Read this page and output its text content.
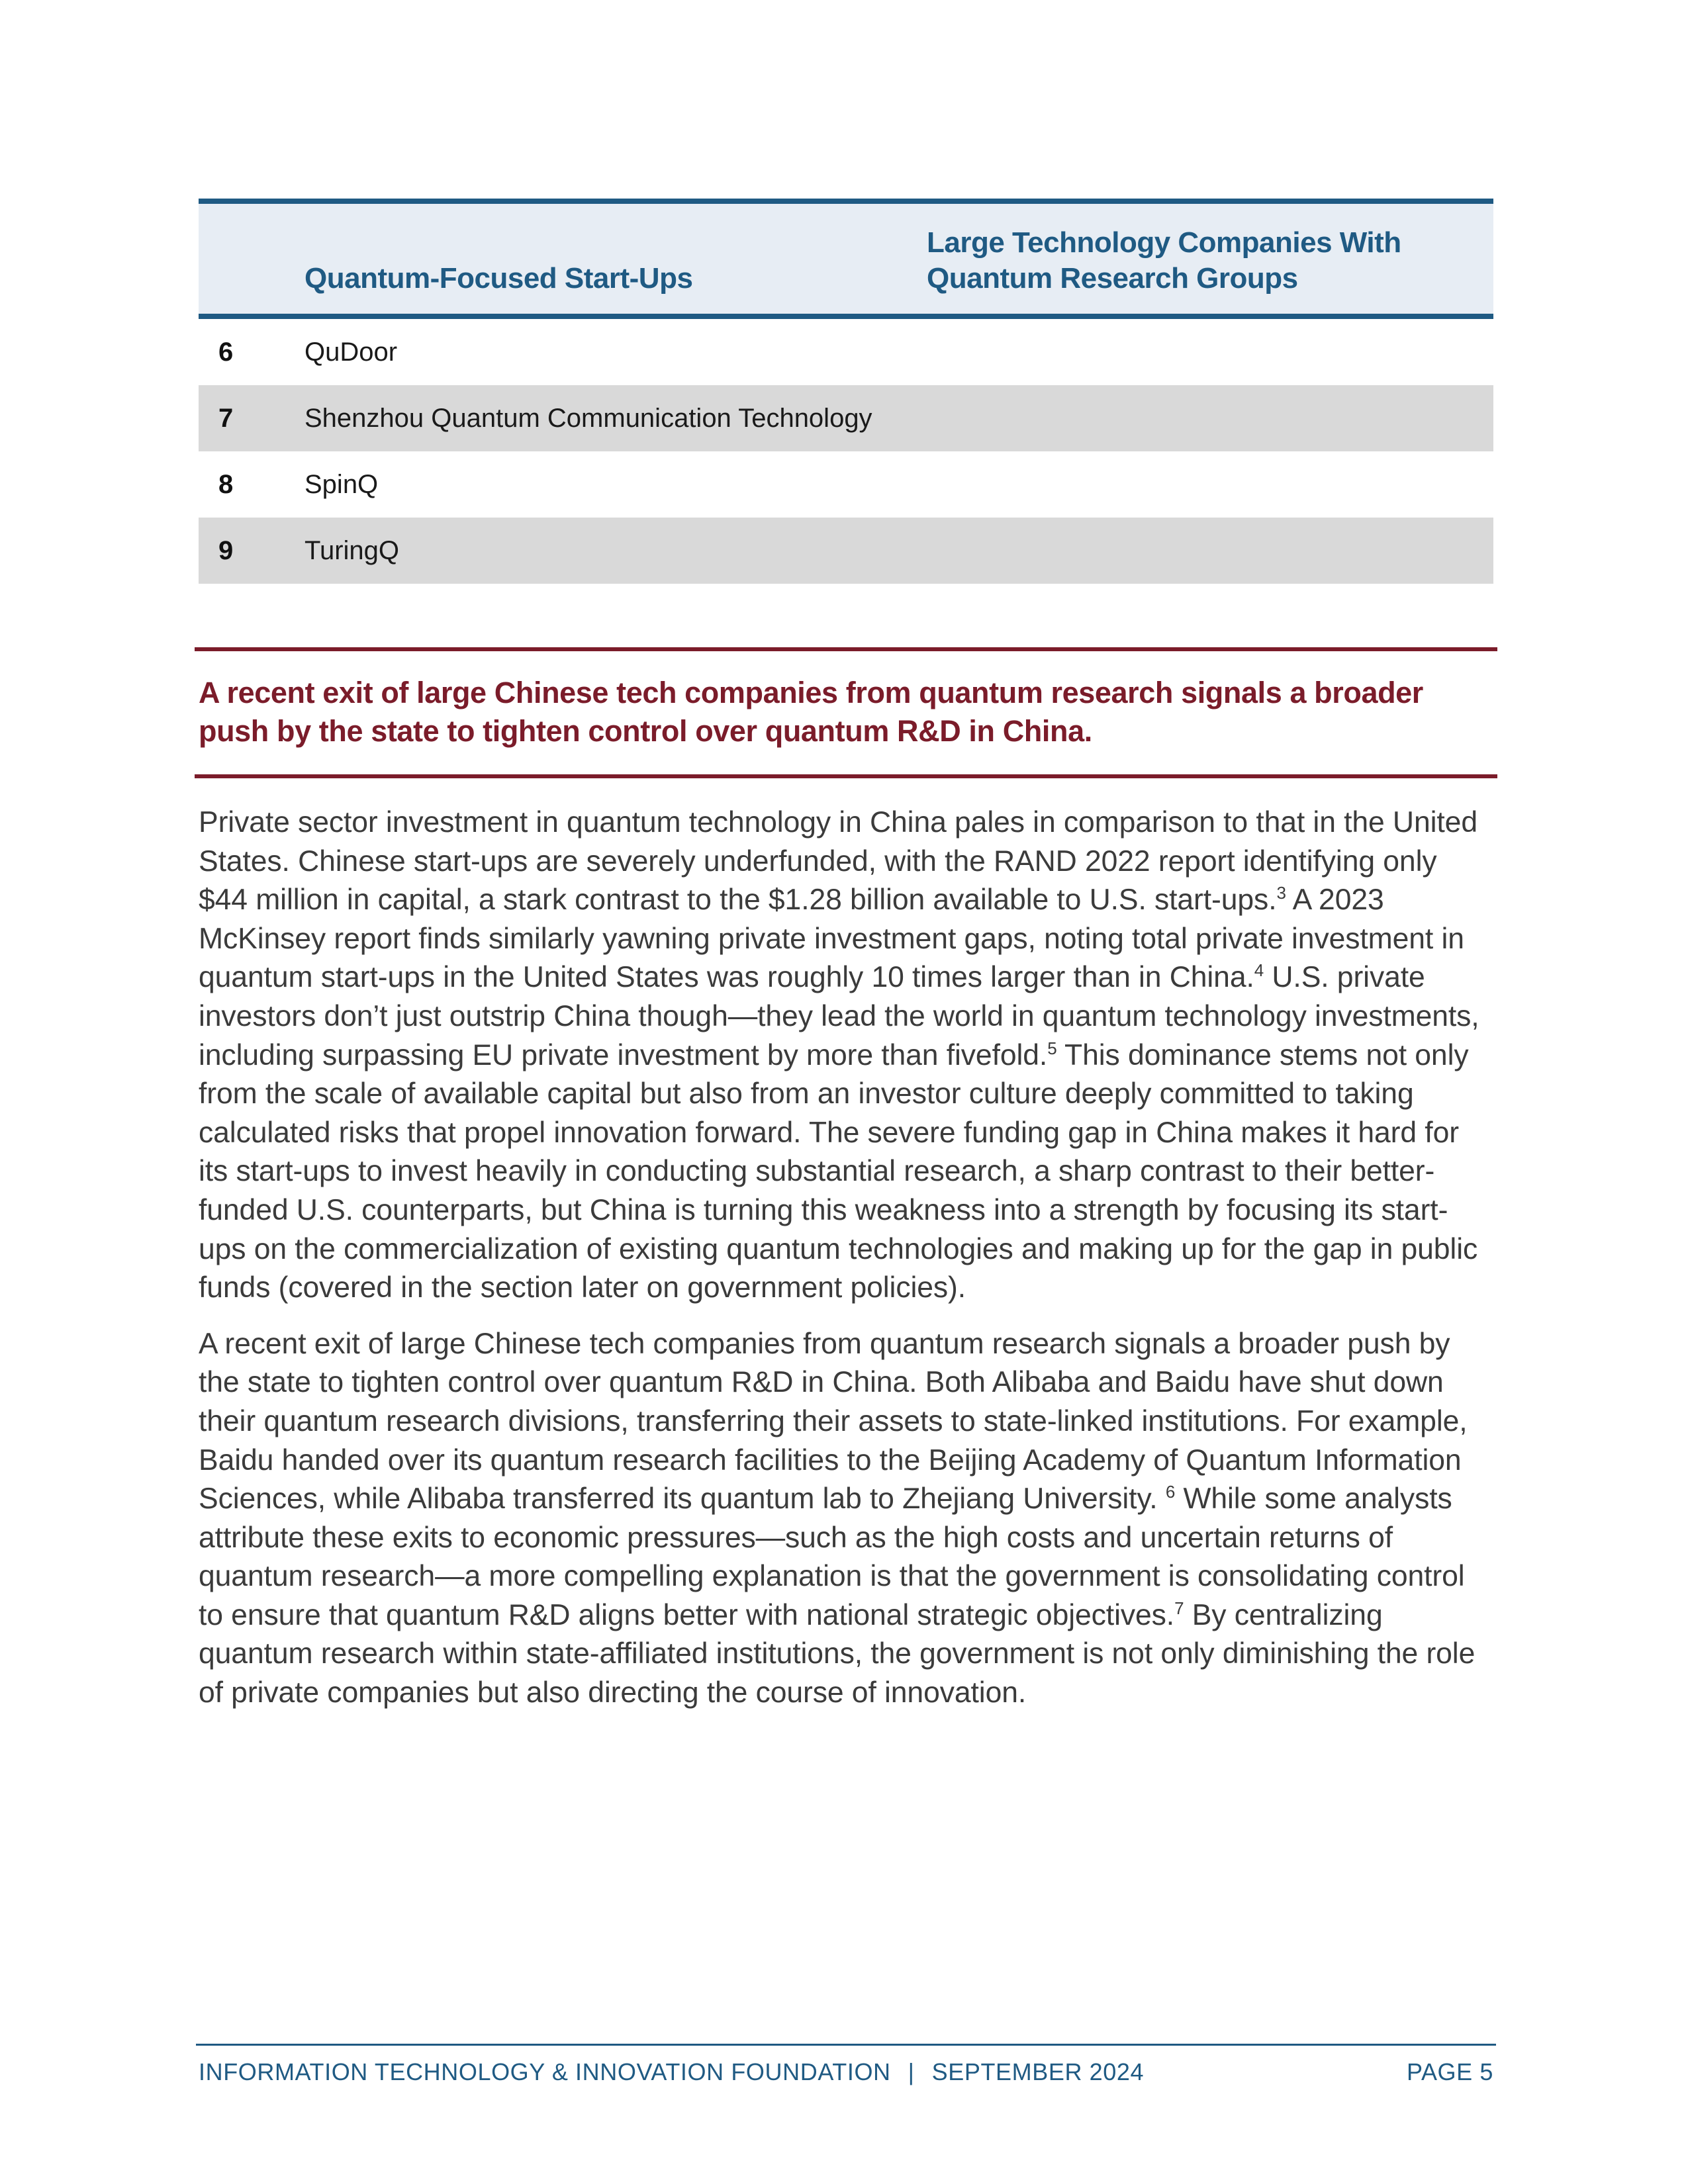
	Quantum-Focused Start-Ups	Large Technology Companies With Quantum Research Groups
6	QuDoor	
7	Shenzhou Quantum Communication Technology	
8	SpinQ	
9	TuringQ	

A recent exit of large Chinese tech companies from quantum research signals a broader push by the state to tighten control over quantum R&D in China.

Private sector investment in quantum technology in China pales in comparison to that in the United States. Chinese start-ups are severely underfunded, with the RAND 2022 report identifying only $44 million in capital, a stark contrast to the $1.28 billion available to U.S. start-ups.$^3$ A 2023 McKinsey report finds similarly yawning private investment gaps, noting total private investment in quantum start-ups in the United States was roughly 10 times larger than in China.$^4$ U.S. private investors don’t just outstrip China though—they lead the world in quantum technology investments, including surpassing EU private investment by more than fivefold.$^5$ This dominance stems not only from the scale of available capital but also from an investor culture deeply committed to taking calculated risks that propel innovation forward. The severe funding gap in China makes it hard for its start-ups to invest heavily in conducting substantial research, a sharp contrast to their better-funded U.S. counterparts, but China is turning this weakness into a strength by focusing its start-ups on the commercialization of existing quantum technologies and making up for the gap in public funds (covered in the section later on government policies).

A recent exit of large Chinese tech companies from quantum research signals a broader push by the state to tighten control over quantum R&D in China. Both Alibaba and Baidu have shut down their quantum research divisions, transferring their assets to state-linked institutions. For example, Baidu handed over its quantum research facilities to the Beijing Academy of Quantum Information Sciences, while Alibaba transferred its quantum lab to Zhejiang University. $^6$ While some analysts attribute these exits to economic pressures—such as the high costs and uncertain returns of quantum research—a more compelling explanation is that the government is consolidating control to ensure that quantum R&D aligns better with national strategic objectives.$^7$ By centralizing quantum research within state-affiliated institutions, the government is not only diminishing the role of private companies but also directing the course of innovation.

INFORMATION TECHNOLOGY & INNOVATION FOUNDATION | SEPTEMBER 2024	PAGE 5
